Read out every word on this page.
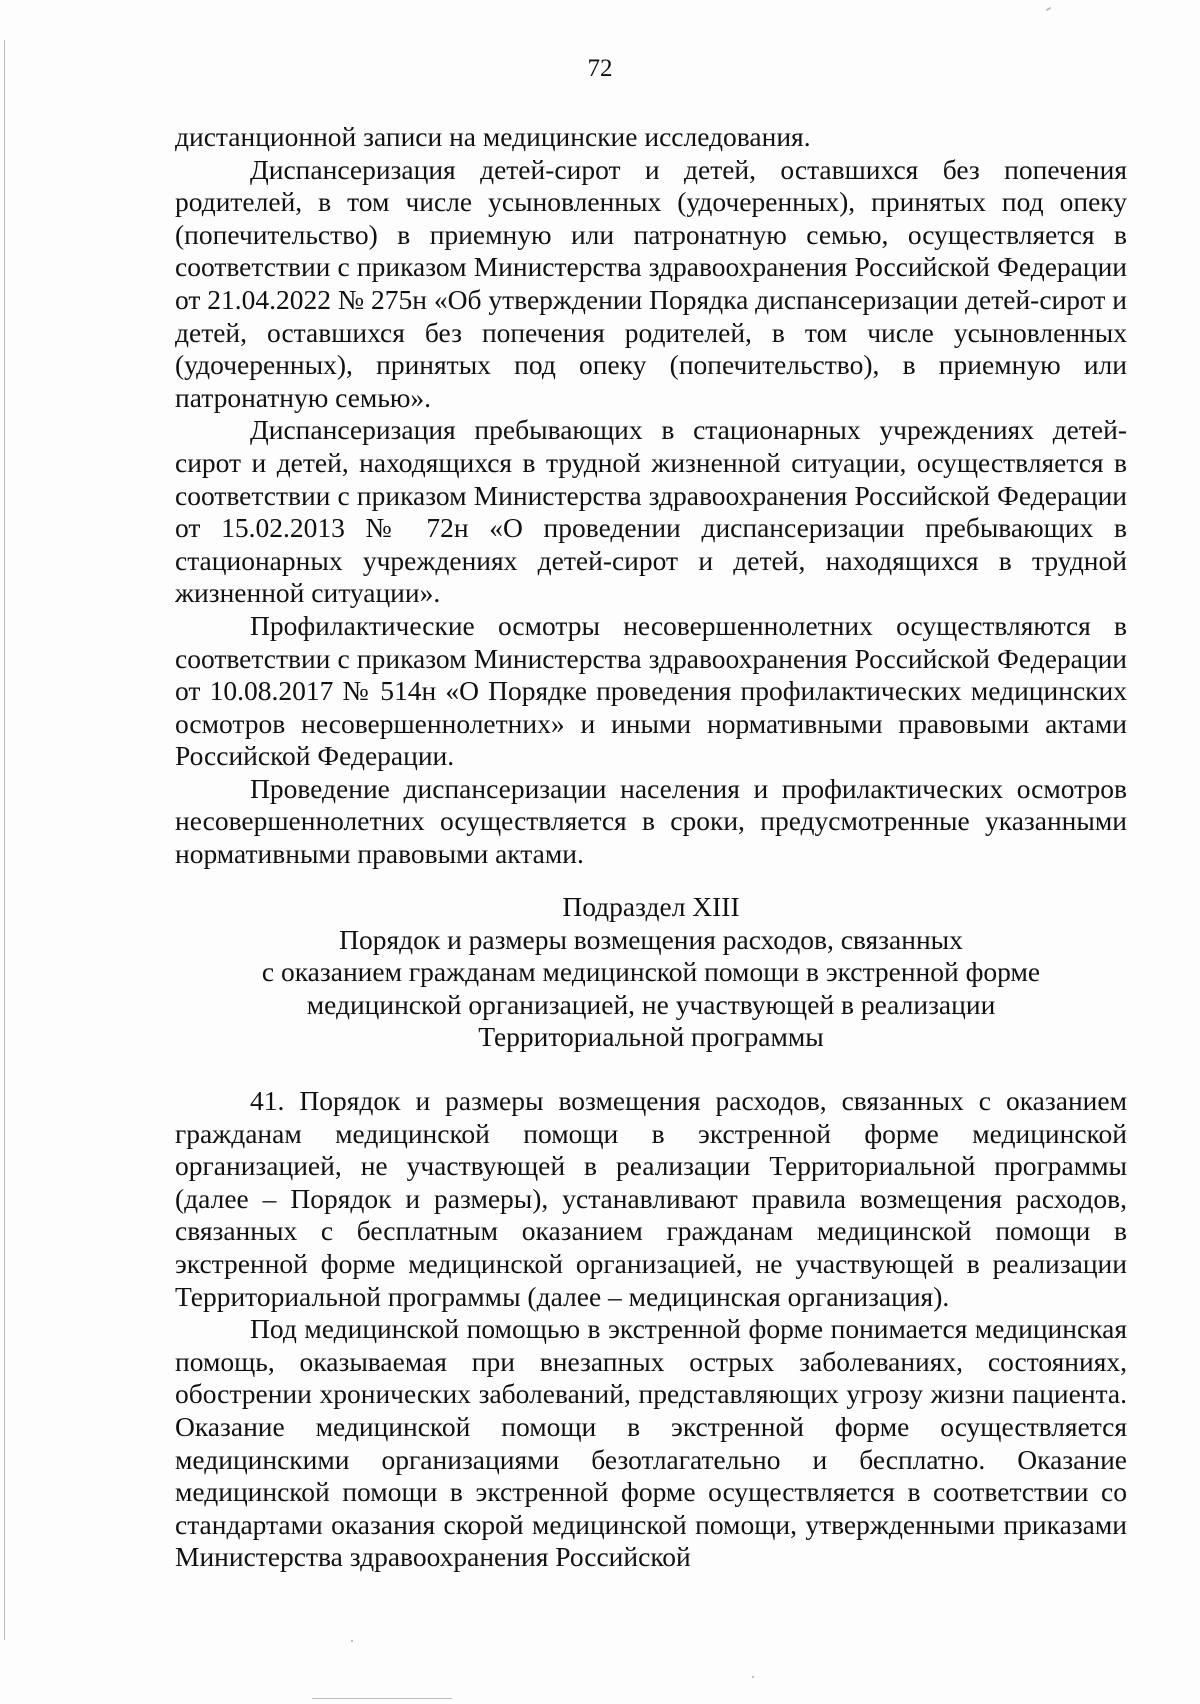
72

дистанционной записи на медицинские исследования.

Диспансеризация детей-сирот и детей, оставшихся без попечения родителей, в том числе усыновленных (удочеренных), принятых под опеку (попечительство) в приемную или патронатную семью, осуществляется в соответствии с приказом Министерства здравоохранения Российской Федерации от 21.04.2022 № 275н «Об утверждении Порядка диспансеризации детей-сирот и детей, оставшихся без попечения родителей, в том числе усыновленных (удочеренных), принятых под опеку (попечительство), в приемную или патронатную семью».

Диспансеризация пребывающих в стационарных учреждениях детей-сирот и детей, находящихся в трудной жизненной ситуации, осуществляется в соответствии с приказом Министерства здравоохранения Российской Федерации от 15.02.2013 № 72н «О проведении диспансеризации пребывающих в стационарных учреждениях детей-сирот и детей, находящихся в трудной жизненной ситуации».

Профилактические осмотры несовершеннолетних осуществляются в соответствии с приказом Министерства здравоохранения Российской Федерации от 10.08.2017 № 514н «О Порядке проведения профилактических медицинских осмотров несовершеннолетних» и иными нормативными правовыми актами Российской Федерации.

Проведение диспансеризации населения и профилактических осмотров несовершеннолетних осуществляется в сроки, предусмотренные указанными нормативными правовыми актами.

Подраздел XIII
Порядок и размеры возмещения расходов, связанных
с оказанием гражданам медицинской помощи в экстренной форме
медицинской организацией, не участвующей в реализации
Территориальной программы

41. Порядок и размеры возмещения расходов, связанных с оказанием гражданам медицинской помощи в экстренной форме медицинской организацией, не участвующей в реализации Территориальной программы (далее – Порядок и размеры), устанавливают правила возмещения расходов, связанных с бесплатным оказанием гражданам медицинской помощи в экстренной форме медицинской организацией, не участвующей в реализации Территориальной программы (далее – медицинская организация).

Под медицинской помощью в экстренной форме понимается медицинская помощь, оказываемая при внезапных острых заболеваниях, состояниях, обострении хронических заболеваний, представляющих угрозу жизни пациента. Оказание медицинской помощи в экстренной форме осуществляется медицинскими организациями безотлагательно и бесплатно. Оказание медицинской помощи в экстренной форме осуществляется в соответствии со стандартами оказания скорой медицинской помощи, утвержденными приказами Министерства здравоохранения Российской
